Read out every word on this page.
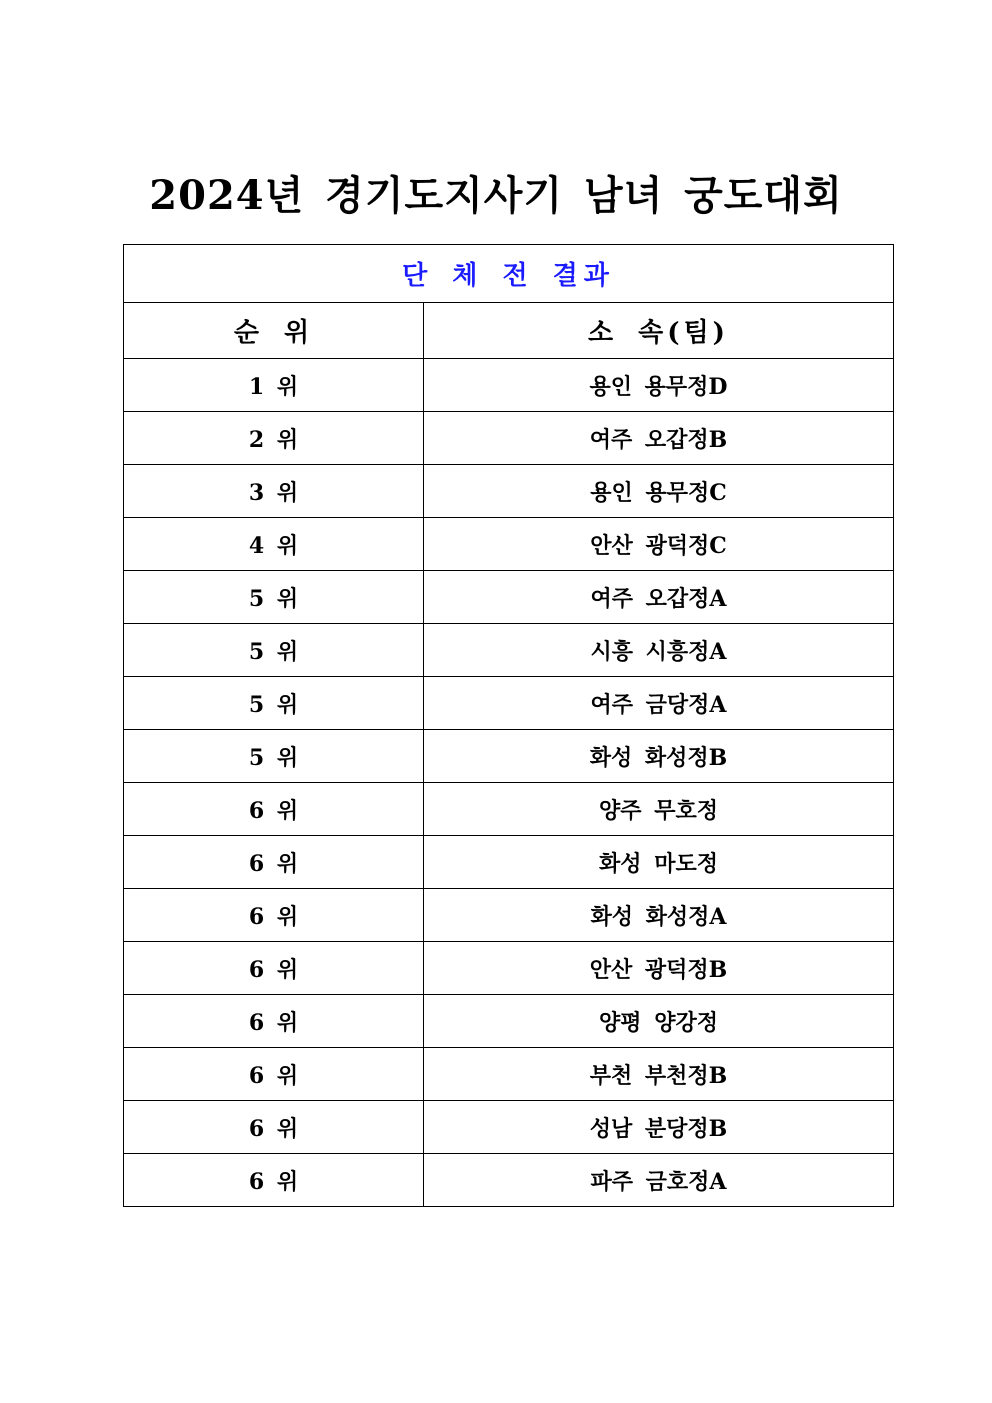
2024년 경기도지사기 남녀 궁도대회
단 체 전 결과	
순 위	소 속(팀)
1 위	용인 용무정D
2 위	여주 오갑정B
3 위	용인 용무정C
4 위	안산 광덕정C
5 위	여주 오갑정A
5 위	시흥 시흥정A
5 위	여주 금당정A
5 위	화성 화성정B
6 위	양주 무호정
6 위	화성 마도정
6 위	화성 화성정A
6 위	안산 광덕정B
6 위	양평 양강정
6 위	부천 부천정B
6 위	성남 분당정B
6 위	파주 금호정A
